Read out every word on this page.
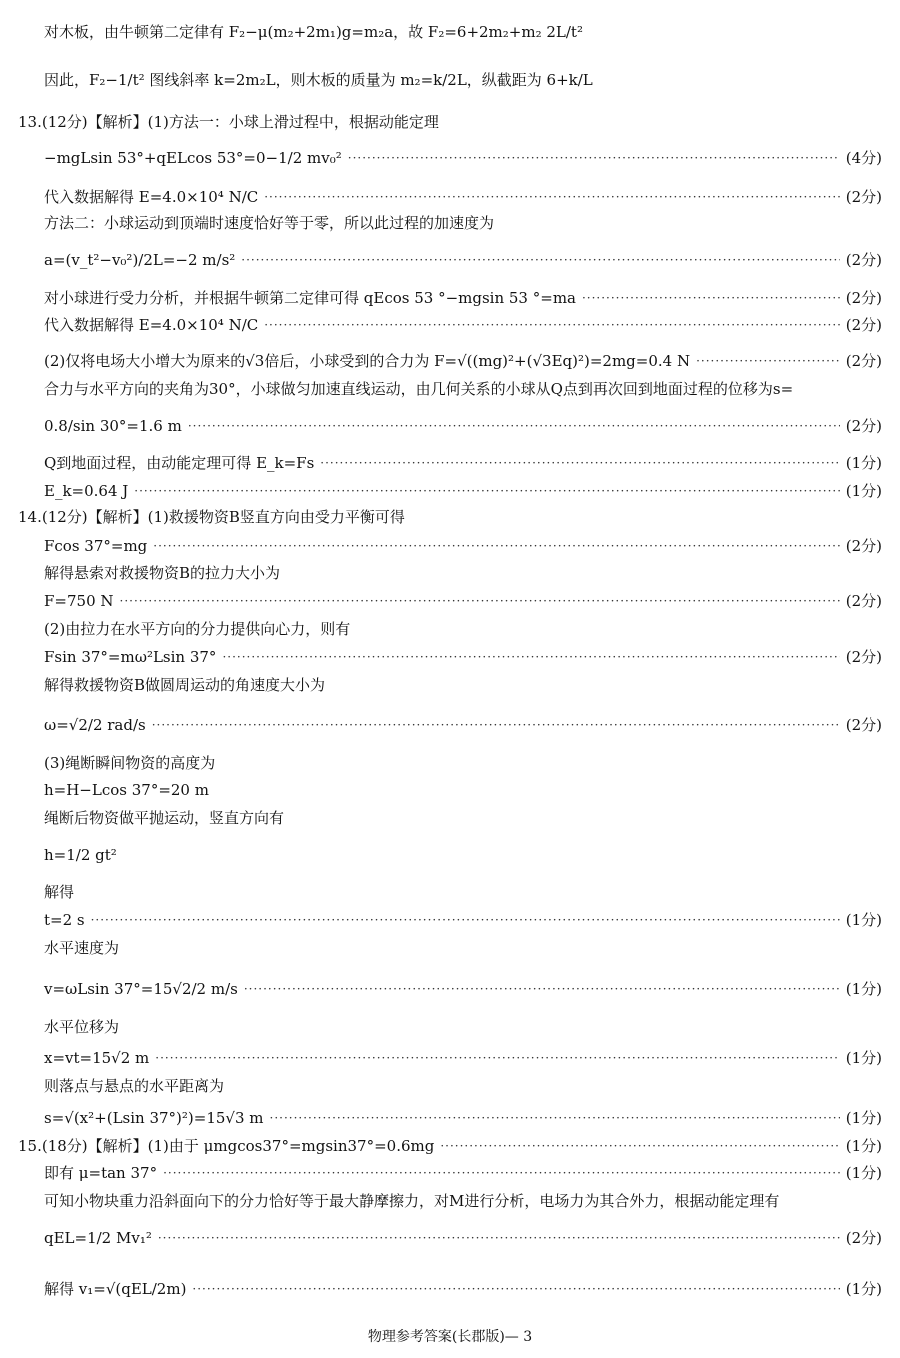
对木板，由牛顿第二定律有 F₂−μ(m₂+2m₁)g=m₂a，故 F₂=6+2m₂+m₂ 2L/t²
因此，F₂−1/t² 图线斜率 k=2m₂L，则木板的质量为 m₂=k/2L，纵截距为 6+k/L
13.(12分)【解析】(1)方法一：小球上滑过程中，根据动能定理
−mgLsin 53°+qELcos 53°=0−1/2 mv₀² ·····	(4分)
代入数据解得 E=4.0×10⁴ N/C ·····	(2分)
方法二：小球运动到顶端时速度恰好等于零，所以此过程的加速度为
a=(v_t²−v₀²)/2L=−2 m/s² ·····	(2分)
对小球进行受力分析，并根据牛顿第二定律可得 qEcos 53 °−mgsin 53 °=ma ·····	(2分)
代入数据解得 E=4.0×10⁴ N/C ·····	(2分)
(2)仅将电场大小增大为原来的√3倍后，小球受到的合力为 F=√((mg)²+(√3Eq)²)=2mg=0.4 N ·····	(2分)
合力与水平方向的夹角为30°，小球做匀加速直线运动，由几何关系的小球从Q点到再次回到地面过程的位移为s=
0.8/sin 30°=1.6 m ·····	(2分)
Q到地面过程，由动能定理可得 E_k=Fs ·····	(1分)
E_k=0.64 J ·····	(1分)
14.(12分)【解析】(1)救援物资B竖直方向由受力平衡可得
Fcos 37°=mg ·····	(2分)
解得悬索对救援物资B的拉力大小为
F=750 N ·····	(2分)
(2)由拉力在水平方向的分力提供向心力，则有
Fsin 37°=mω²Lsin 37° ·····	(2分)
解得救援物资B做圆周运动的角速度大小为
ω=√2/2 rad/s ·····	(2分)
(3)绳断瞬间物资的高度为
h=H−Lcos 37°=20 m
绳断后物资做平抛运动，竖直方向有
h=1/2 gt²
解得
t=2 s ·····	(1分)
水平速度为
v=ωLsin 37°=15√2/2 m/s ·····	(1分)
水平位移为
x=vt=15√2 m ·····	(1分)
则落点与悬点的水平距离为
s=√(x²+(Lsin 37°)²)=15√3 m ·····	(1分)
15.(18分)【解析】(1)由于 μmgcos37°=mgsin37°=0.6mg ·····	(1分)
即有 μ=tan 37° ·····	(1分)
可知小物块重力沿斜面向下的分力恰好等于最大静摩擦力，对M进行分析，电场力为其合外力，根据动能定理有
qEL=1/2 Mv₁² ·····	(2分)
解得 v₁=√(qEL/2m) ·····	(1分)
物理参考答案(长郡版)— 3
